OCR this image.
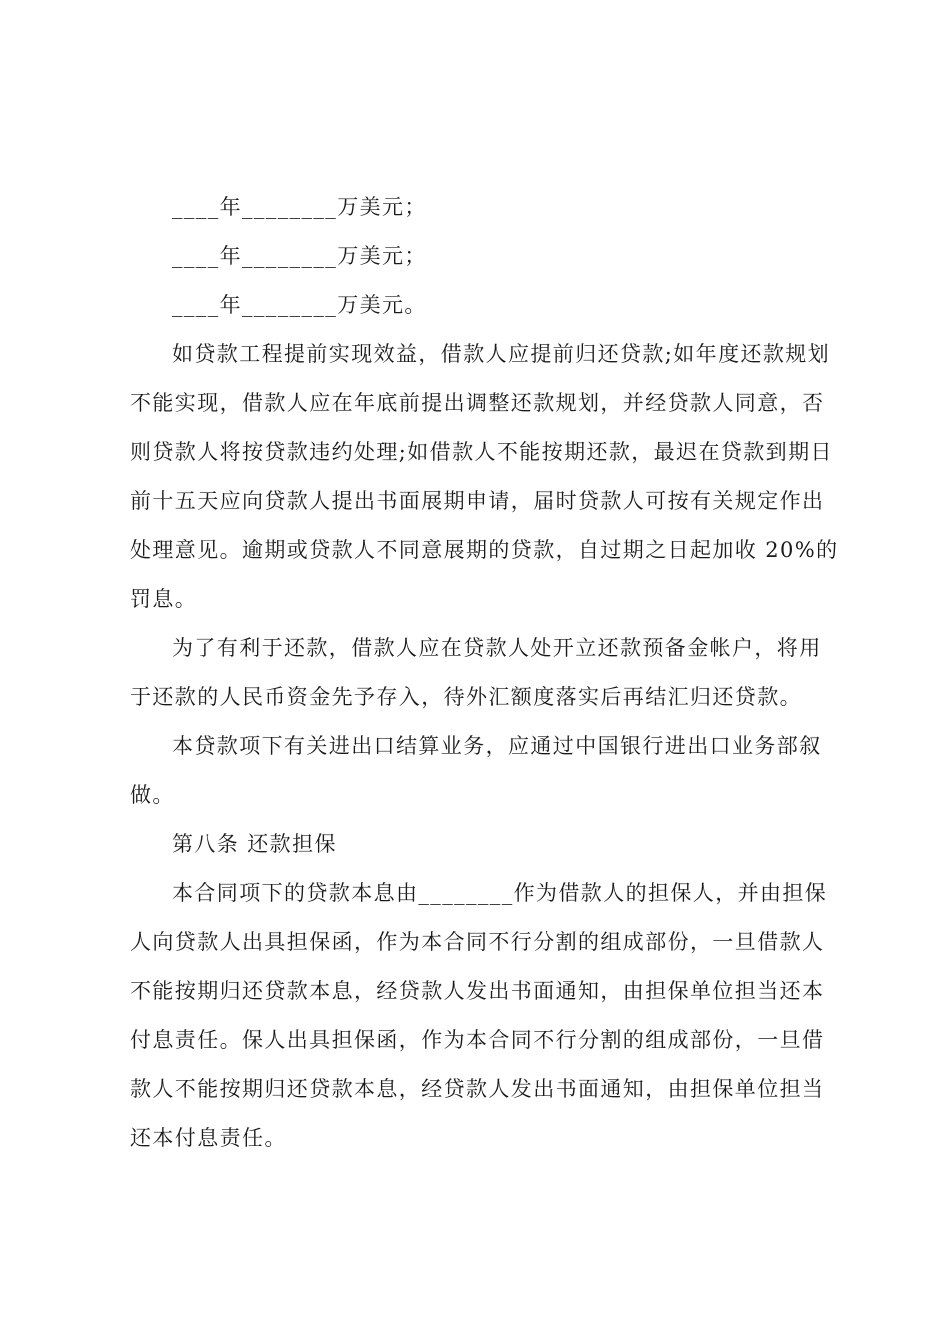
____年________万美元；

____年________万美元；

____年________万美元。

如贷款工程提前实现效益，借款人应提前归还贷款;如年度还款规划
不能实现，借款人应在年底前提出调整还款规划，并经贷款人同意，否
则贷款人将按贷款违约处理;如借款人不能按期还款，最迟在贷款到期日
前十五天应向贷款人提出书面展期申请，届时贷款人可按有关规定作出
处理意见。逾期或贷款人不同意展期的贷款，自过期之日起加收 20%的
罚息。

为了有利于还款，借款人应在贷款人处开立还款预备金帐户，将用
于还款的人民币资金先予存入，待外汇额度落实后再结汇归还贷款。

本贷款项下有关进出口结算业务，应通过中国银行进出口业务部叙
做。

第八条 还款担保

本合同项下的贷款本息由________作为借款人的担保人，并由担保
人向贷款人出具担保函，作为本合同不行分割的组成部份，一旦借款人
不能按期归还贷款本息，经贷款人发出书面通知，由担保单位担当还本
付息责任。保人出具担保函，作为本合同不行分割的组成部份，一旦借
款人不能按期归还贷款本息，经贷款人发出书面通知，由担保单位担当
还本付息责任。
